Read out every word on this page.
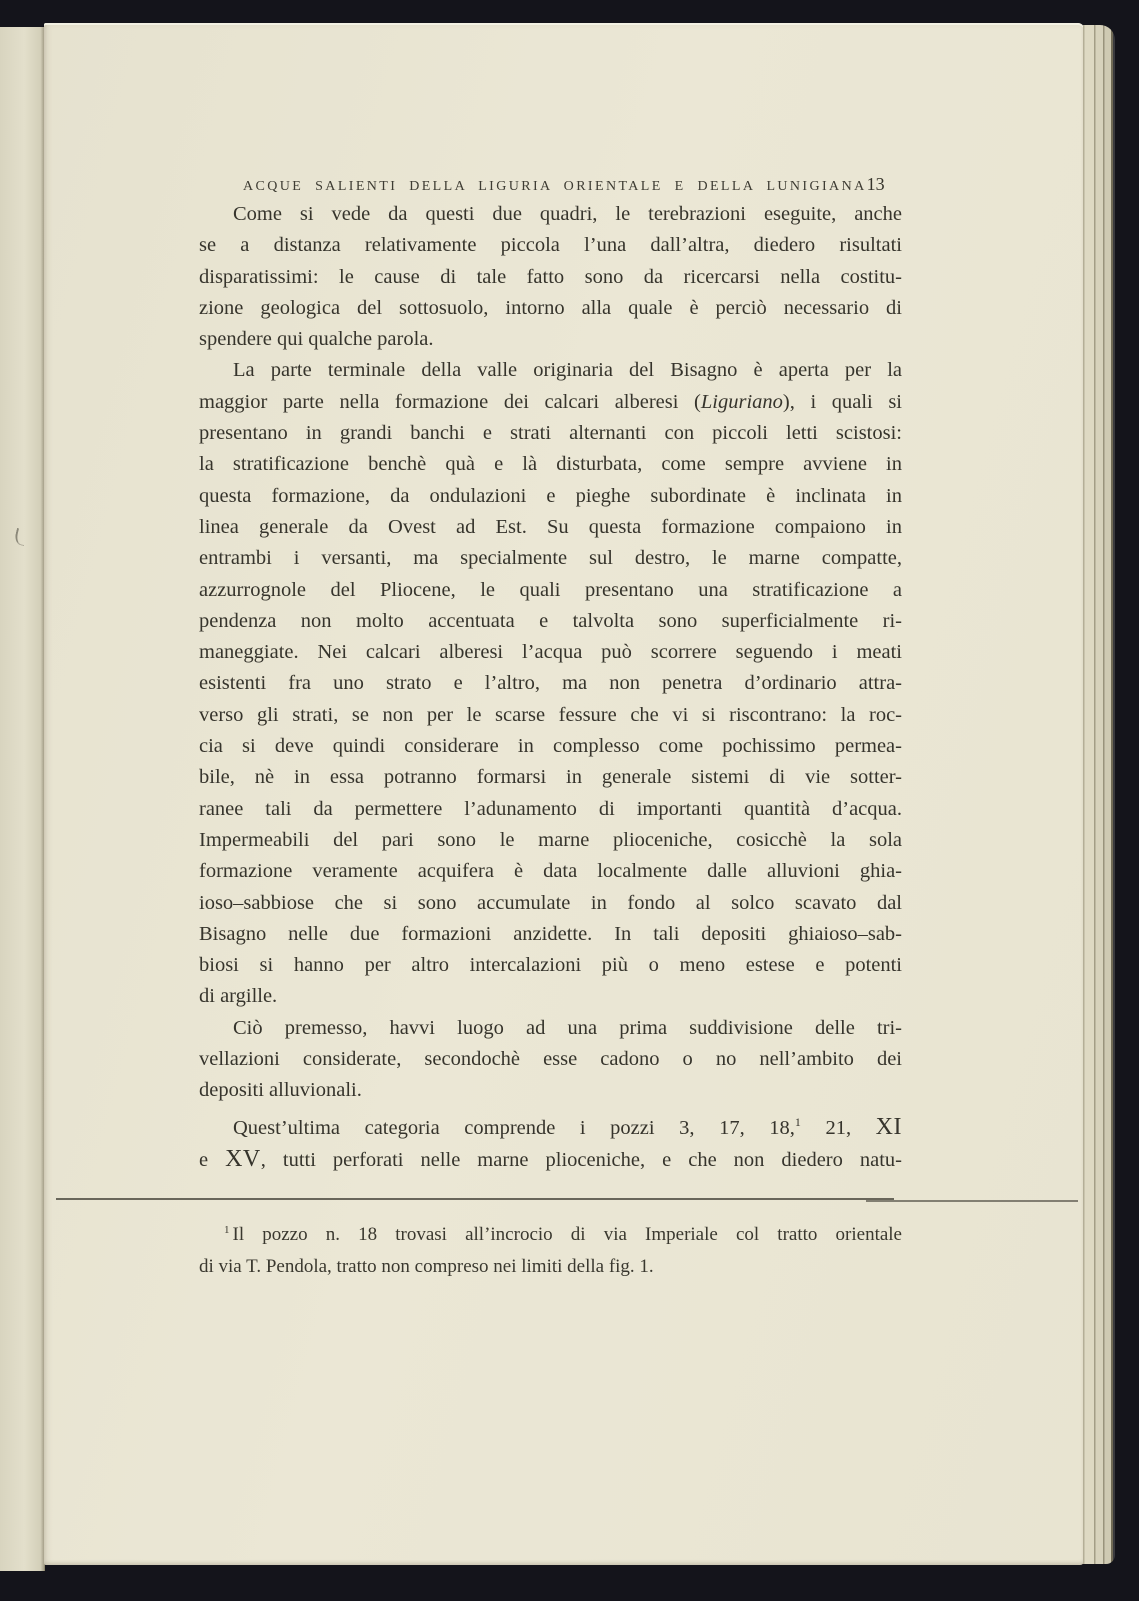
ACQUE SALIENTI DELLA LIGURIA ORIENTALE E DELLA LUNIGIANA 13
Come si vede da questi due quadri, le terebrazioni eseguite, anche
se a distanza relativamente piccola l’una dall’altra, diedero risultati
disparatissimi: le cause di tale fatto sono da ricercarsi nella costitu-
zione geologica del sottosuolo, intorno alla quale è perciò necessario di
spendere qui qualche parola.
La parte terminale della valle originaria del Bisagno è aperta per la
maggior parte nella formazione dei calcari alberesi (Liguriano), i quali si
presentano in grandi banchi e strati alternanti con piccoli letti scistosi:
la stratificazione benchè quà e là disturbata, come sempre avviene in
questa formazione, da ondulazioni e pieghe subordinate è inclinata in
linea generale da Ovest ad Est. Su questa formazione compaiono in
entrambi i versanti, ma specialmente sul destro, le marne compatte,
azzurrognole del Pliocene, le quali presentano una stratificazione a
pendenza non molto accentuata e talvolta sono superficialmente ri-
maneggiate. Nei calcari alberesi l’acqua può scorrere seguendo i meati
esistenti fra uno strato e l’altro, ma non penetra d’ordinario attra-
verso gli strati, se non per le scarse fessure che vi si riscontrano: la roc-
cia si deve quindi considerare in complesso come pochissimo permea-
bile, nè in essa potranno formarsi in generale sistemi di vie sotter-
ranee tali da permettere l’adunamento di importanti quantità d’acqua.
Impermeabili del pari sono le marne plioceniche, cosicchè la sola
formazione veramente acquifera è data localmente dalle alluvioni ghia-
ioso–sabbiose che si sono accumulate in fondo al solco scavato dal
Bisagno nelle due formazioni anzidette. In tali depositi ghiaioso–sab-
biosi si hanno per altro intercalazioni più o meno estese e potenti
di argille.
Ciò premesso, havvi luogo ad una prima suddivisione delle tri-
vellazioni considerate, secondochè esse cadono o no nell’ambito dei
depositi alluvionali.
Quest’ultima categoria comprende i pozzi 3, 17, 18,$^1$ 21, XI
e XV, tutti perforati nelle marne plioceniche, e che non diedero natu-
$^1$ Il pozzo n. 18 trovasi all’incrocio di via Imperiale col tratto orientale
di via T. Pendola, tratto non compreso nei limiti della fig. 1.
